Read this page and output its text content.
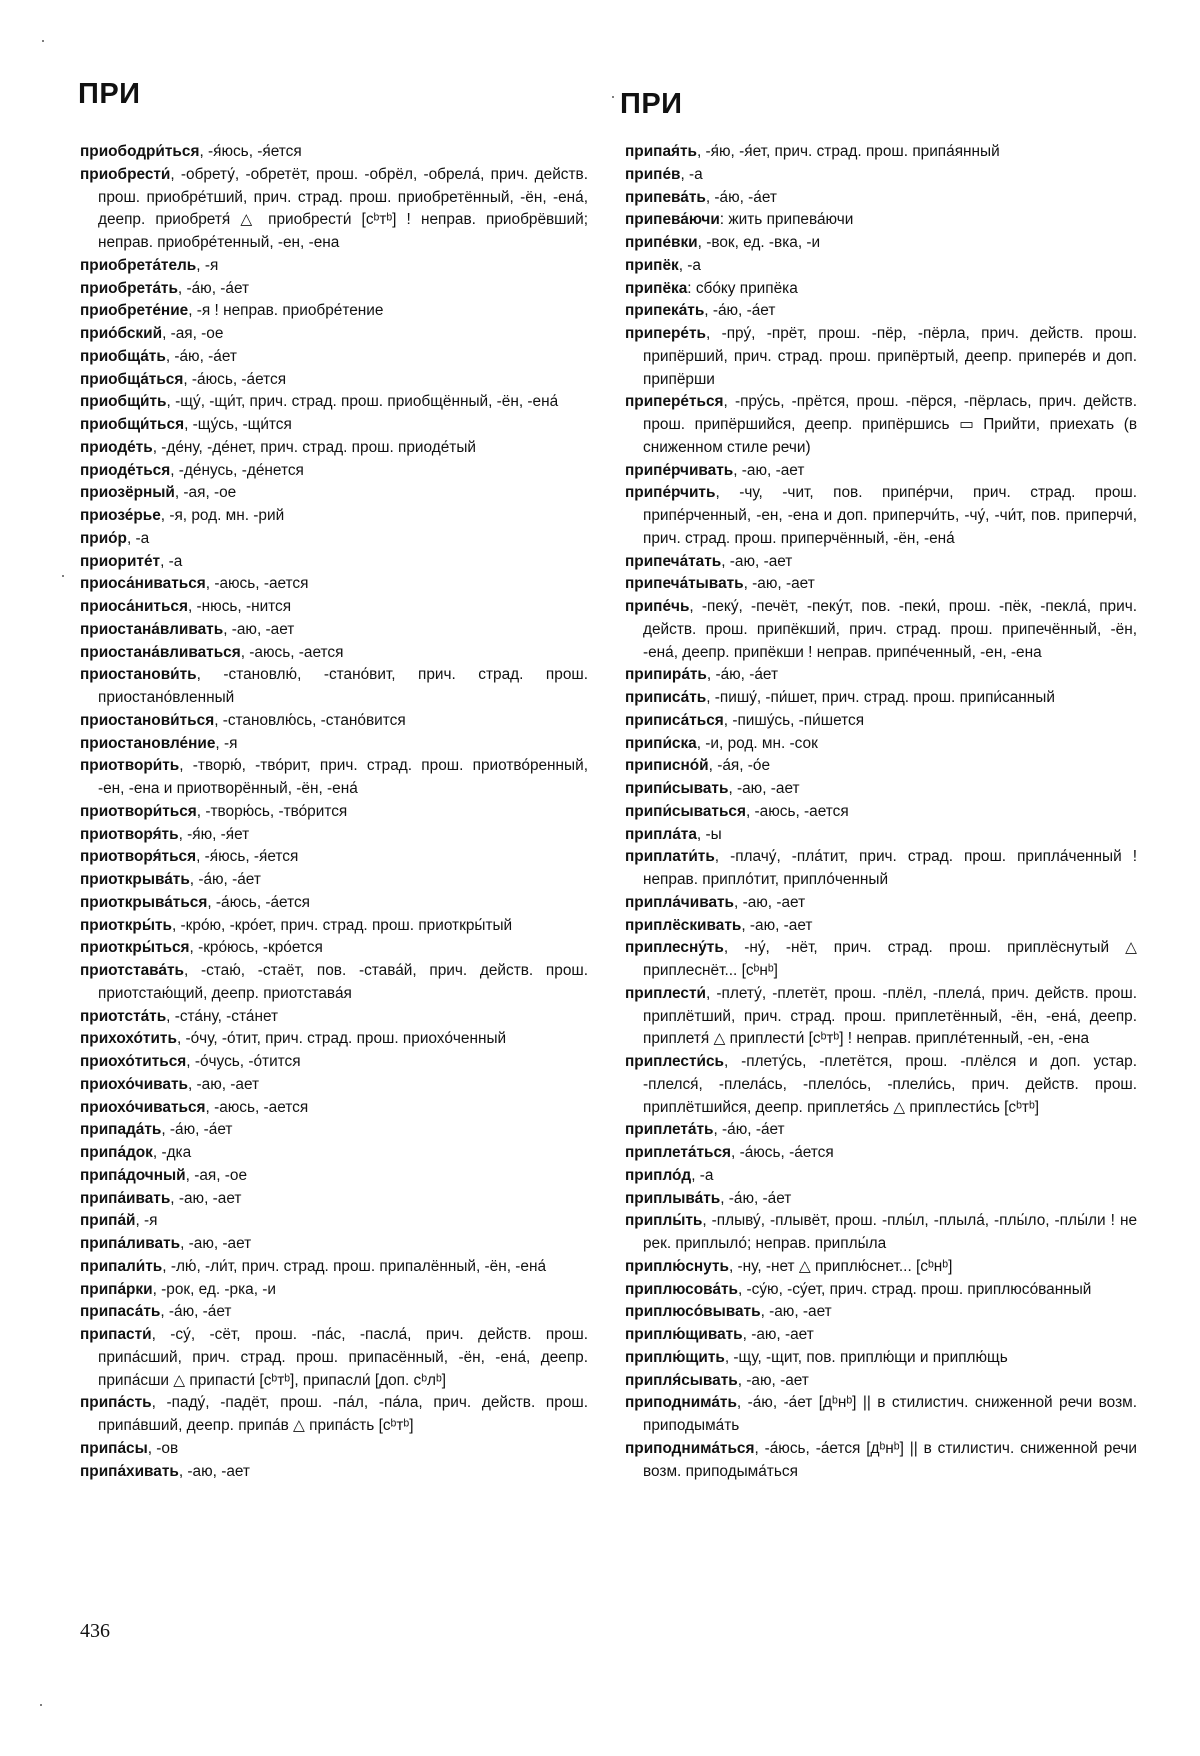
ПРИ	ПРИ

приободри́ться, -я́юсь, -я́ется

приобрести́, -обрету́, -обретёт, прош. -обрёл, -обрела́, прич. действ. прош. приобре́тший, прич. страд. прош. приобретённый, -ён, -ена́, деепр. приобретя́ △ приобрести́ [сᵇтᵇ] ! неправ. приобрёвший; неправ. приобре́тенный, -ен, -ена

приобрета́тель, -я

приобрета́ть, -а́ю, -а́ет

приобрете́ние, -я ! неправ. приобре́тение

прио́бский, -ая, -ое

приобща́ть, -а́ю, -а́ет

приобща́ться, -а́юсь, -а́ется

приобщи́ть, -щу́, -щи́т, прич. страд. прош. приобщённый, -ён, -ена́

приобщи́ться, -щу́сь, -щи́тся

приоде́ть, -де́ну, -де́нет, прич. страд. прош. приоде́тый

приоде́ться, -де́нусь, -де́нется

приозёрный, -ая, -ое

приозе́рье, -я, род. мн. -рий

прио́р, -а

приорите́т, -а

приоса́ниваться, -аюсь, -ается

приоса́ниться, -нюсь, -нится

приостана́вливать, -аю, -ает

приостана́вливаться, -аюсь, -ается

приостанови́ть, -становлю́, -стано́вит, прич. страд. прош. приостано́вленный

приостанови́ться, -становлю́сь, -стано́вится

приостановле́ние, -я

приотвори́ть, -творю́, -тво́рит, прич. страд. прош. приотво́ренный, -ен, -ена и приотворённый, -ён, -ена́

приотвори́ться, -творю́сь, -тво́рится

приотворя́ть, -я́ю, -я́ет

приотворя́ться, -я́юсь, -я́ется

приоткрыва́ть, -а́ю, -а́ет

приоткрыва́ться, -а́юсь, -а́ется

приоткры́ть, -кро́ю, -кро́ет, прич. страд. прош. приоткры́тый

приоткры́ться, -кро́юсь, -кро́ется

приотстава́ть, -стаю́, -стаёт, пов. -става́й, прич. действ. прош. приотстаю́щий, деепр. приотстава́я

приотста́ть, -ста́ну, -ста́нет

прихохо́тить, -о́чу, -о́тит, прич. страд. прош. приохо́ченный

приохо́титься, -о́чусь, -о́тится

приохо́чивать, -аю, -ает

приохо́чиваться, -аюсь, -ается

припада́ть, -а́ю, -а́ет

припа́док, -дка

припа́дочный, -ая, -ое

припа́ивать, -аю, -ает

припа́й, -я

припа́ливать, -аю, -ает

припали́ть, -лю́, -ли́т, прич. страд. прош. припалённый, -ён, -ена́

припа́рки, -рок, ед. -рка, -и

припаса́ть, -а́ю, -а́ет

припасти́, -су́, -сёт, прош. -па́с, -пасла́, прич. действ. прош. припа́сший, прич. страд. прош. припасённый, -ён, -ена́, деепр. припа́сши △ припасти́ [сᵇтᵇ], припасли́ [доп. сᵇлᵇ]

припа́сть, -паду́, -падёт, прош. -па́л, -па́ла, прич. действ. прош. припа́вший, деепр. припа́в △ припа́сть [сᵇтᵇ]

припа́сы, -ов

припа́хивать, -аю, -ает

припая́ть, -я́ю, -я́ет, прич. страд. прош. припа́янный

припе́в, -а

припева́ть, -а́ю, -а́ет

припева́ючи: жить припева́ючи

припе́вки, -вок, ед. -вка, -и

припёк, -а

припёка: сбо́ку припёка

припека́ть, -а́ю, -а́ет

припере́ть, -пру́, -прёт, прош. -пёр, -пёрла, прич. действ. прош. припёрший, прич. страд. прош. припёртый, деепр. припере́в и доп. припёрши

припере́ться, -пру́сь, -прётся, прош. -пёрся, -пёрлась, прич. действ. прош. припёршийся, деепр. припёршись ▭ Прийти, приехать (в сниженном стиле речи)

припе́рчивать, -аю, -ает

припе́рчить, -чу, -чит, пов. припе́рчи, прич. страд. прош. припе́рченный, -ен, -ена и доп. приперчи́ть, -чу́, -чи́т, пов. приперчи́, прич. страд. прош. приперчённый, -ён, -ена́

припеча́тать, -аю, -ает

припеча́тывать, -аю, -ает

припе́чь, -пеку́, -печёт, -пеку́т, пов. -пеки́, прош. -пёк, -пекла́, прич. действ. прош. припёкший, прич. страд. прош. припечённый, -ён, -ена́, деепр. припёкши ! неправ. припе́ченный, -ен, -ена

припира́ть, -а́ю, -а́ет

приписа́ть, -пишу́, -пи́шет, прич. страд. прош. припи́санный

приписа́ться, -пишу́сь, -пи́шется

припи́ска, -и, род. мн. -сок

приписно́й, -а́я, -о́е

припи́сывать, -аю, -ает

припи́сываться, -аюсь, -ается

припла́та, -ы

приплати́ть, -плачу́, -пла́тит, прич. страд. прош. припла́ченный ! неправ. припло́тит, припло́ченный

припла́чивать, -аю, -ает

приплёскивать, -аю, -ает

приплесну́ть, -ну́, -нёт, прич. страд. прош. приплёснутый △ приплеснёт... [сᵇнᵇ]

приплести́, -плету́, -плетёт, прош. -плёл, -плела́, прич. действ. прош. приплётший, прич. страд. прош. приплетённый, -ён, -ена́, деепр. приплетя́ △ приплести́ [сᵇтᵇ] ! неправ. приплéтенный, -ен, -ена

приплести́сь, -плету́сь, -плетётся, прош. -плёлся и доп. устар. -плелся́, -плела́сь, -плело́сь, -плели́сь, прич. действ. прош. приплётшийся, деепр. приплетя́сь △ приплести́сь [сᵇтᵇ]

приплета́ть, -а́ю, -а́ет

приплета́ться, -а́юсь, -а́ется

припло́д, -а

приплыва́ть, -а́ю, -а́ет

приплы́ть, -плыву́, -плывёт, прош. -плы́л, -плыла́, -плы́ло, -плы́ли ! не рек. приплыло́; неправ. приплы́ла

приплю́снуть, -ну, -нет △ приплю́снет... [сᵇнᵇ]

приплюсова́ть, -су́ю, -су́ет, прич. страд. прош. приплюсо́ванный

приплюсо́вывать, -аю, -ает

приплю́щивать, -аю, -ает

приплю́щить, -щу, -щит, пов. приплю́щи и приплю́щь

припля́сывать, -аю, -ает

приподнима́ть, -а́ю, -а́ет [дᵇнᵇ] || в стилистич. сниженной речи возм. приподыма́ть

приподнима́ться, -а́юсь, -а́ется [дᵇнᵇ] || в стилистич. сниженной речи возм. приподыма́ться

436
